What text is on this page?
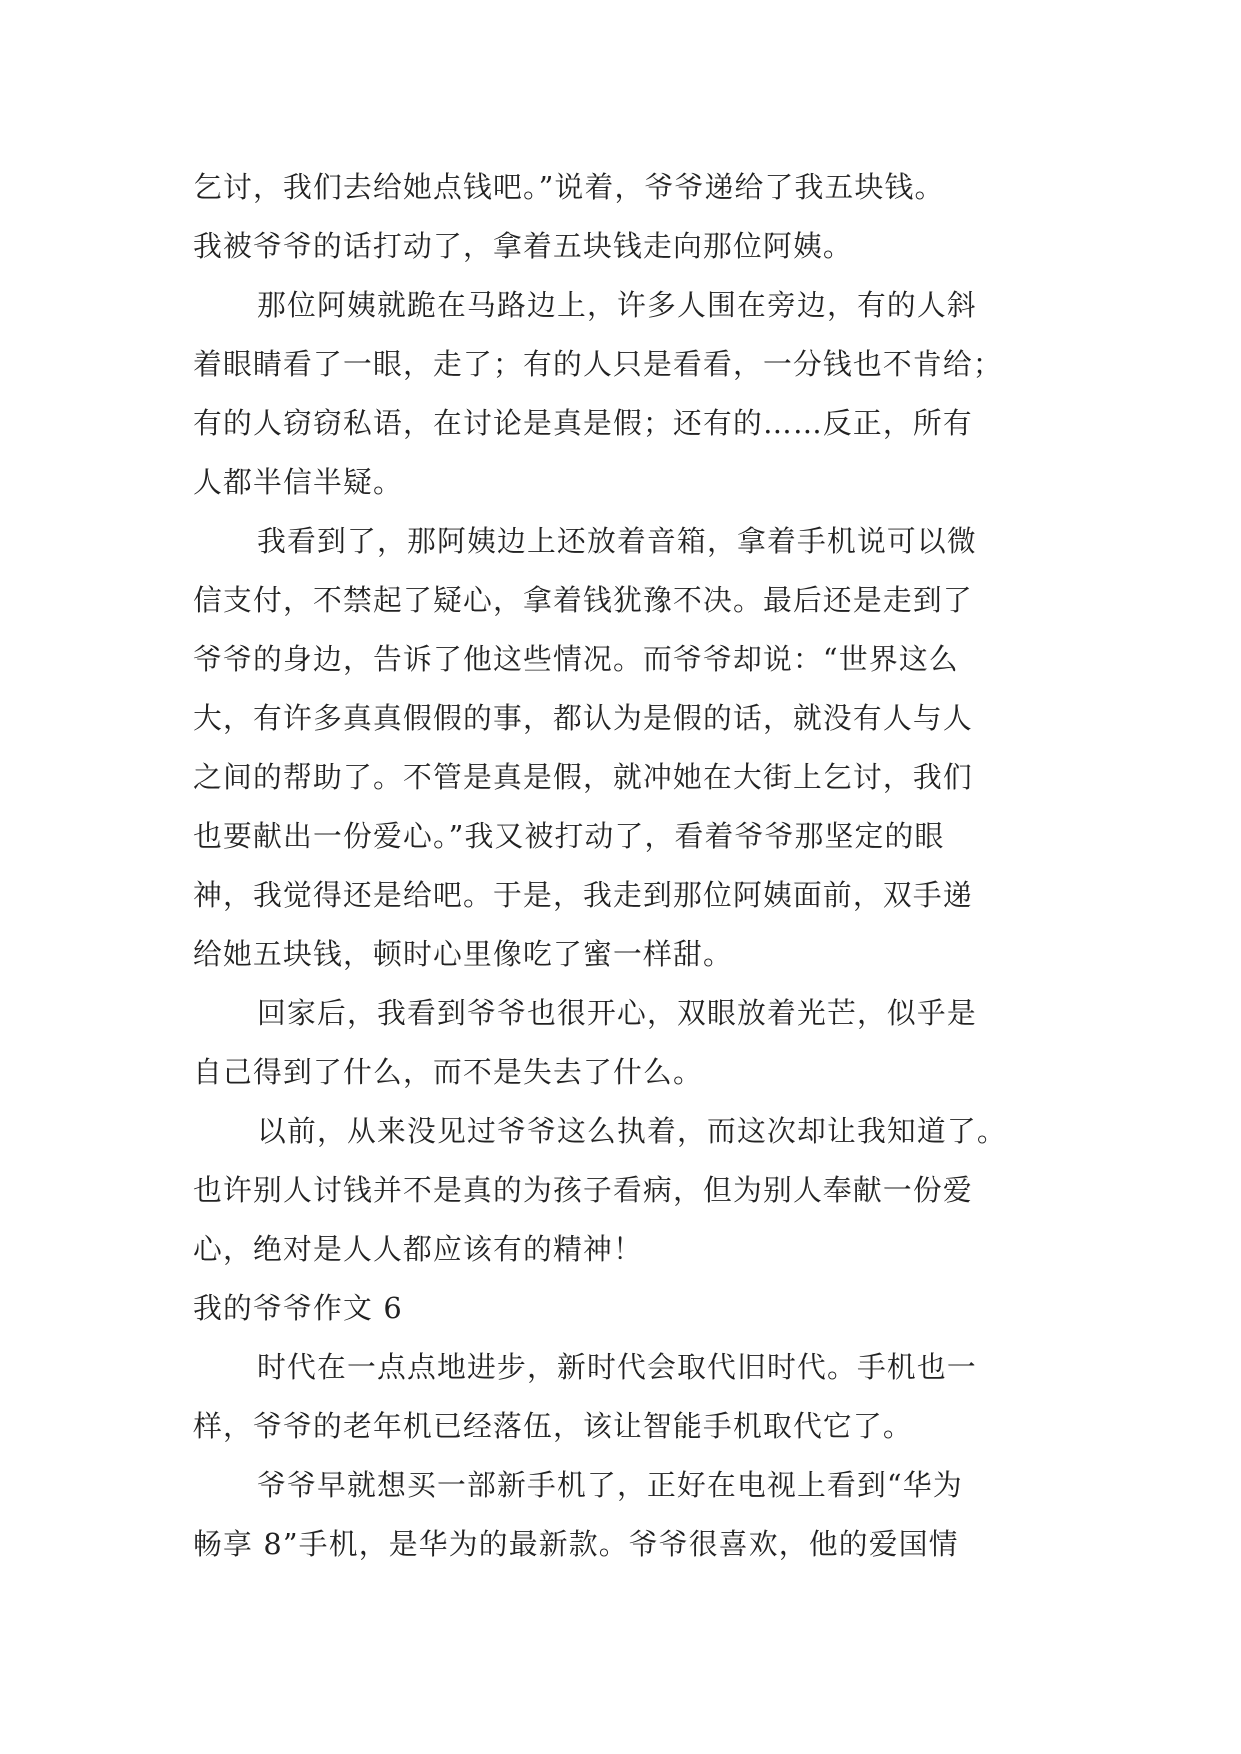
乞讨，我们去给她点钱吧。”说着，爷爷递给了我五块钱。
我被爷爷的话打动了，拿着五块钱走向那位阿姨。
那位阿姨就跪在马路边上，许多人围在旁边，有的人斜
着眼睛看了一眼，走了；有的人只是看看，一分钱也不肯给；
有的人窃窃私语，在讨论是真是假；还有的……反正，所有
人都半信半疑。
我看到了，那阿姨边上还放着音箱，拿着手机说可以微
信支付，不禁起了疑心，拿着钱犹豫不决。最后还是走到了
爷爷的身边，告诉了他这些情况。而爷爷却说：“世界这么
大，有许多真真假假的事，都认为是假的话，就没有人与人
之间的帮助了。不管是真是假，就冲她在大街上乞讨，我们
也要献出一份爱心。”我又被打动了，看着爷爷那坚定的眼
神，我觉得还是给吧。于是，我走到那位阿姨面前，双手递
给她五块钱，顿时心里像吃了蜜一样甜。
回家后，我看到爷爷也很开心，双眼放着光芒，似乎是
自己得到了什么，而不是失去了什么。
以前，从来没见过爷爷这么执着，而这次却让我知道了。
也许别人讨钱并不是真的为孩子看病，但为别人奉献一份爱
心，绝对是人人都应该有的精神！
我的爷爷作文 6
时代在一点点地进步，新时代会取代旧时代。手机也一
样，爷爷的老年机已经落伍，该让智能手机取代它了。
爷爷早就想买一部新手机了，正好在电视上看到“华为
畅享 8”手机，是华为的最新款。爷爷很喜欢，他的爱国情
